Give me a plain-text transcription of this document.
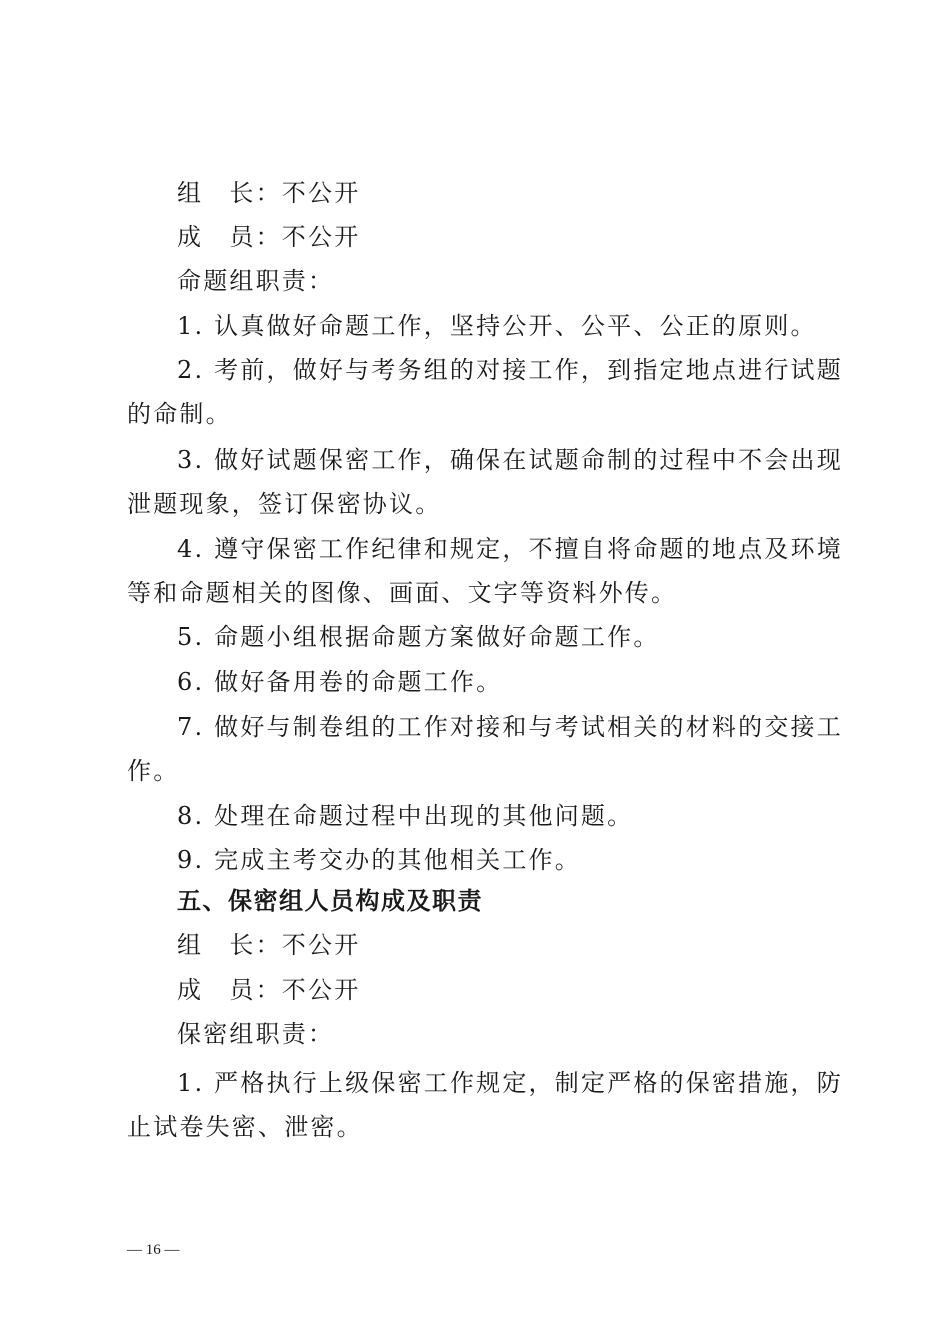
组　长：不公开
成　员：不公开
命题组职责：
1. 认真做好命题工作，坚持公开、公平、公正的原则。
2. 考前，做好与考务组的对接工作，到指定地点进行试题
的命制。
3. 做好试题保密工作，确保在试题命制的过程中不会出现
泄题现象，签订保密协议。
4. 遵守保密工作纪律和规定，不擅自将命题的地点及环境
等和命题相关的图像、画面、文字等资料外传。
5. 命题小组根据命题方案做好命题工作。
6. 做好备用卷的命题工作。
7. 做好与制卷组的工作对接和与考试相关的材料的交接工
作。
8. 处理在命题过程中出现的其他问题。
9. 完成主考交办的其他相关工作。
五、保密组人员构成及职责
组　长：不公开
成　员：不公开
保密组职责：
1. 严格执行上级保密工作规定，制定严格的保密措施，防
止试卷失密、泄密。
— 16 —
